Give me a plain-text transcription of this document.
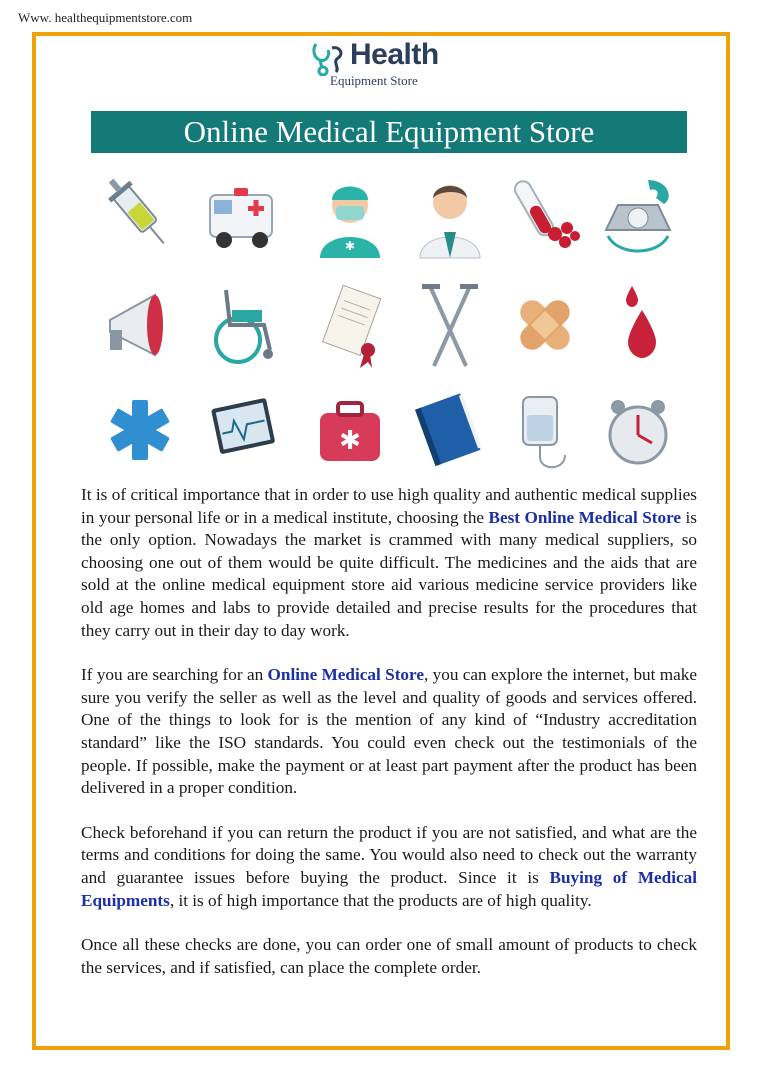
Www. healthequipmentstore.com
Health
Equipment Store
Online Medical Equipment Store
✱
✱

It is of critical importance that in order to use high quality and authentic medical supplies in your personal life or in a medical institute, choosing the Best Online Medical Store is the only option. Nowadays the market is crammed with many medical suppliers, so choosing one out of them would be quite difficult. The medicines and the aids that are sold at the online medical equipment store aid various medicine service providers like old age homes and labs to provide detailed and precise results for the procedures that they carry out in their day to day work.

If you are searching for an Online Medical Store, you can explore the internet, but make sure you verify the seller as well as the level and quality of goods and services offered. One of the things to look for is the mention of any kind of “Industry accreditation standard” like the ISO standards. You could even check out the testimonials of the people. If possible, make the payment or at least part payment after the product has been delivered in a proper condition.

Check beforehand if you can return the product if you are not satisfied, and what are the terms and conditions for doing the same. You would also need to check out the warranty and guarantee issues before buying the product. Since it is Buying of Medical Equipments, it is of high importance that the products are of high quality.

Once all these checks are done, you can order one of small amount of products to check the services, and if satisfied, can place the complete order.
